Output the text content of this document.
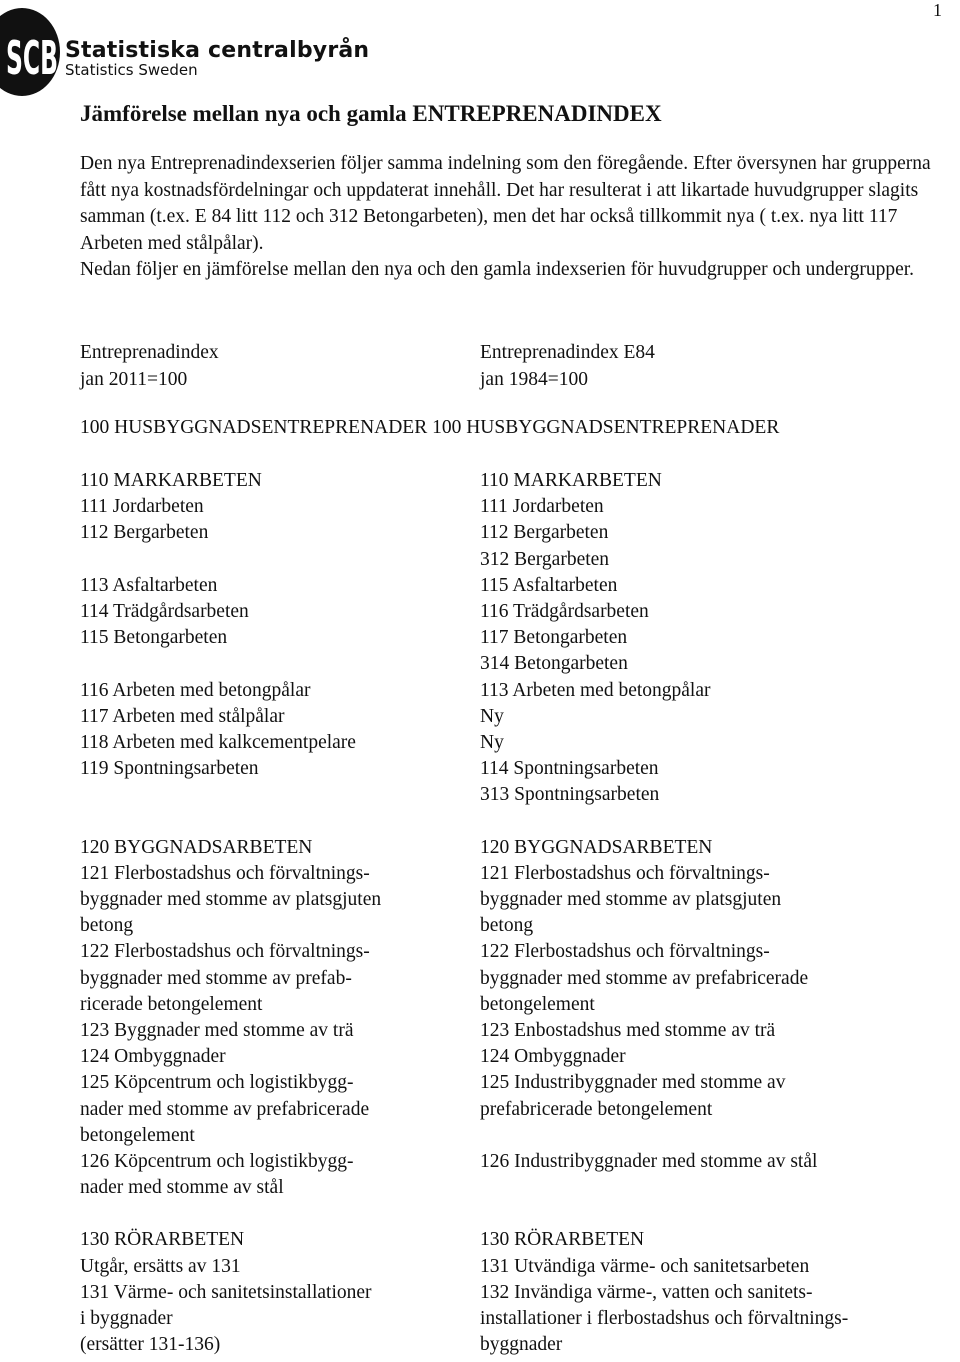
1
SCB Statistiska centralbyrån
Statistics Sweden
Jämförelse mellan nya och gamla ENTREPRENADINDEX

Den nya Entreprenadindexserien följer samma indelning som den föregående. Efter översynen har grupperna fått nya kostnadsfördelningar och uppdaterat innehåll. Det har resulterat i att likartade huvudgrupper slagits samman (t.ex. E 84 litt 112 och 312 Betongarbeten), men det har också tillkommit nya ( t.ex. nya litt 117 Arbeten med stålpålar).

Nedan följer en jämförelse mellan den nya och den gamla indexserien för huvudgrupper och undergrupper.

Entreprenadindex
jan 2011=100
Entreprenadindex E84
jan 1984=100
100 HUSBYGGNADSENTREPRENADER 100 HUSBYGGNADSENTREPRENADER
110 MARKARBETEN
111 Jordarbeten
112 Bergarbeten
113 Asfaltarbeten
114 Trädgårdsarbeten
115 Betongarbeten
116 Arbeten med betongpålar
117 Arbeten med stålpålar
118 Arbeten med kalkcementpelare
119 Spontningsarbeten
120 BYGGNADSARBETEN
121 Flerbostadshus och förvaltnings-
byggnader med stomme av platsgjuten
betong
122 Flerbostadshus och förvaltnings-
byggnader med stomme av prefab-
ricerade betongelement
123 Byggnader med stomme av trä
124 Ombyggnader
125 Köpcentrum och logistikbygg-
nader med stomme av prefabricerade
betongelement
126 Köpcentrum och logistikbygg-
nader med stomme av stål
130 RÖRARBETEN
Utgår, ersätts av 131
131 Värme- och sanitetsinstallationer
i byggnader
(ersätter 131-136)
110 MARKARBETEN
111 Jordarbeten
112 Bergarbeten
312 Bergarbeten
115 Asfaltarbeten
116 Trädgårdsarbeten
117 Betongarbeten
314 Betongarbeten
113 Arbeten med betongpålar
Ny
Ny
114 Spontningsarbeten
313 Spontningsarbeten
120 BYGGNADSARBETEN
121 Flerbostadshus och förvaltnings-
byggnader med stomme av platsgjuten
betong
122 Flerbostadshus och förvaltnings-
byggnader med stomme av prefabricerade
betongelement
123 Enbostadshus med stomme av trä
124 Ombyggnader
125 Industribyggnader med stomme av
prefabricerade betongelement
126 Industribyggnader med stomme av stål
130 RÖRARBETEN
131 Utvändiga värme- och sanitetsarbeten
132 Invändiga värme-, vatten och sanitets-
installationer i flerbostadshus och förvaltnings-
byggnader
